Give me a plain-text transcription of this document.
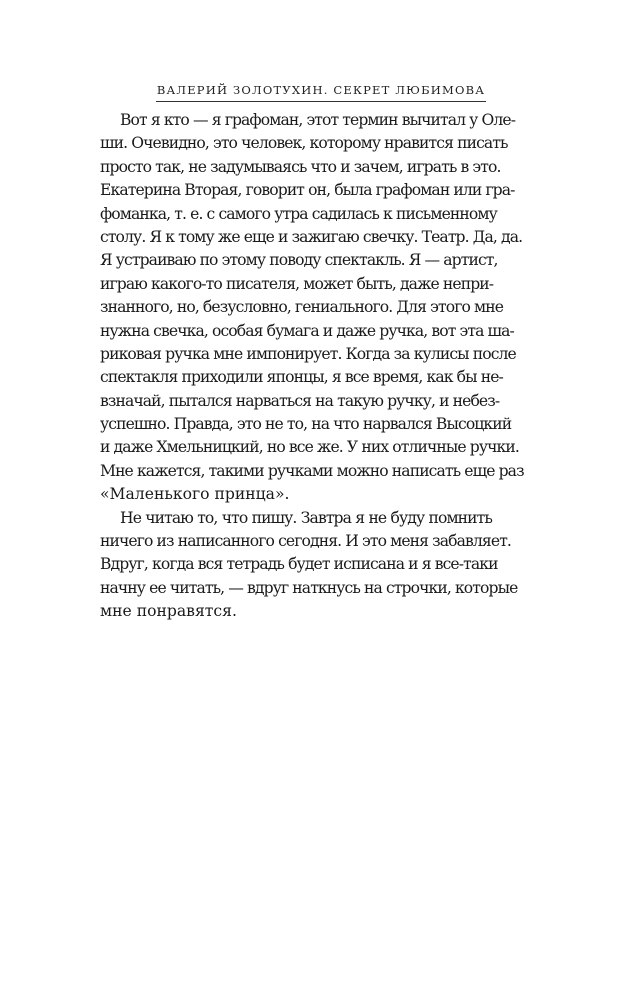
ВАЛЕРИЙ ЗОЛОТУХИН. СЕКРЕТ ЛЮБИМОВА
Вот я кто — я графоман, этот термин вычитал у Оле-
ши. Очевидно, это человек, которому нравится писать
просто так, не задумываясь что и зачем, играть в это.
Екатерина Вторая, говорит он, была графоман или гра-
фоманка, т. е. с самого утра садилась к письменному
столу. Я к тому же еще и зажигаю свечку. Театр. Да, да.
Я устраиваю по этому поводу спектакль. Я — артист,
играю какого-то писателя, может быть, даже непри-
знанного, но, безусловно, гениального. Для этого мне
нужна свечка, особая бумага и даже ручка, вот эта ша-
риковая ручка мне импонирует. Когда за кулисы после
спектакля приходили японцы, я все время, как бы не-
взначай, пытался нарваться на такую ручку, и небез-
успешно. Правда, это не то, на что нарвался Высоцкий
и даже Хмельницкий, но все же. У них отличные ручки.
Мне кажется, такими ручками можно написать еще раз
«Маленького принца».
Не читаю то, что пишу. Завтра я не буду помнить
ничего из написанного сегодня. И это меня забавляет.
Вдруг, когда вся тетрадь будет исписана и я все-таки
начну ее читать, — вдруг наткнусь на строчки, которые
мне понравятся.
